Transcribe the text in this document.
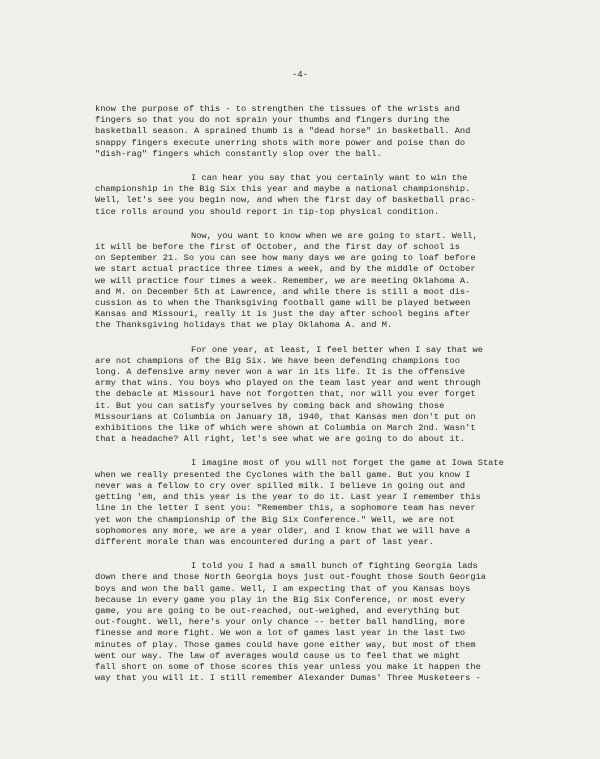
-4-
know the purpose of this - to strengthen the tissues of the wrists and
fingers so that you do not sprain your thumbs and fingers during the
basketball season. A sprained thumb is a "dead horse" in basketball. And
snappy fingers execute unerring shots with more power and poise than do
"dish-rag" fingers which constantly slop over the ball.
I can hear you say that you certainly want to win the
championship in the Big Six this year and maybe a national championship.
Well, let's see you begin now, and when the first day of basketball prac-
tice rolls around you should report in tip-top physical condition.
Now, you want to know when we are going to start. Well,
it will be before the first of October, and the first day of school is
on September 21. So you can see how many days we are going to loaf before
we start actual practice three times a week, and by the middle of October
we will practice four times a week. Remember, we are meeting Oklahoma A.
and M. on December 5th at Lawrence, and while there is still a moot dis-
cussion as to when the Thanksgiving football game will be played between
Kansas and Missouri, really it is just the day after school begins after
the Thanksgiving holidays that we play Oklahoma A. and M.
For one year, at least, I feel better when I say that we
are not champions of the Big Six. We have been defending champions too
long. A defensive army never won a war in its life. It is the offensive
army that wins. You boys who played on the team last year and went through
the debacle at Missouri have not forgotten that, nor will you ever forget
it. But you can satisfy yourselves by coming back and showing those
Missourians at Columbia on January 18, 1940, that Kansas men don't put on
exhibitions the like of which were shown at Columbia on March 2nd. Wasn't
that a headache? All right, let's see what we are going to do about it.
I imagine most of you will not forget the game at Iowa State
when we really presented the Cyclones with the ball game. But you know I
never was a fellow to cry over spilled milk. I believe in going out and
getting 'em, and this year is the year to do it. Last year I remember this
line in the letter I sent you: "Remember this, a sophomore team has never
yet won the championship of the Big Six Conference." Well, we are not
sophomores any more, we are a year older, and I know that we will have a
different morale than was encountered during a part of last year.
I told you I had a small bunch of fighting Georgia lads
down there and those North Georgia boys just out-fought those South Georgia
boys and won the ball game. Well, I am expecting that of you Kansas boys
because in every game you play in the Big Six Conference, or most every
game, you are going to be out-reached, out-weighed, and everything but
out-fought. Well, here's your only chance -- better ball handling, more
finesse and more fight. We won a lot of games last year in the last two
minutes of play. Those games could have gone either way, but most of them
went our way. The law of averages would cause us to feel that we might
fall short on some of those scores this year unless you make it happen the
way that you will it. I still remember Alexander Dumas' Three Musketeers -
